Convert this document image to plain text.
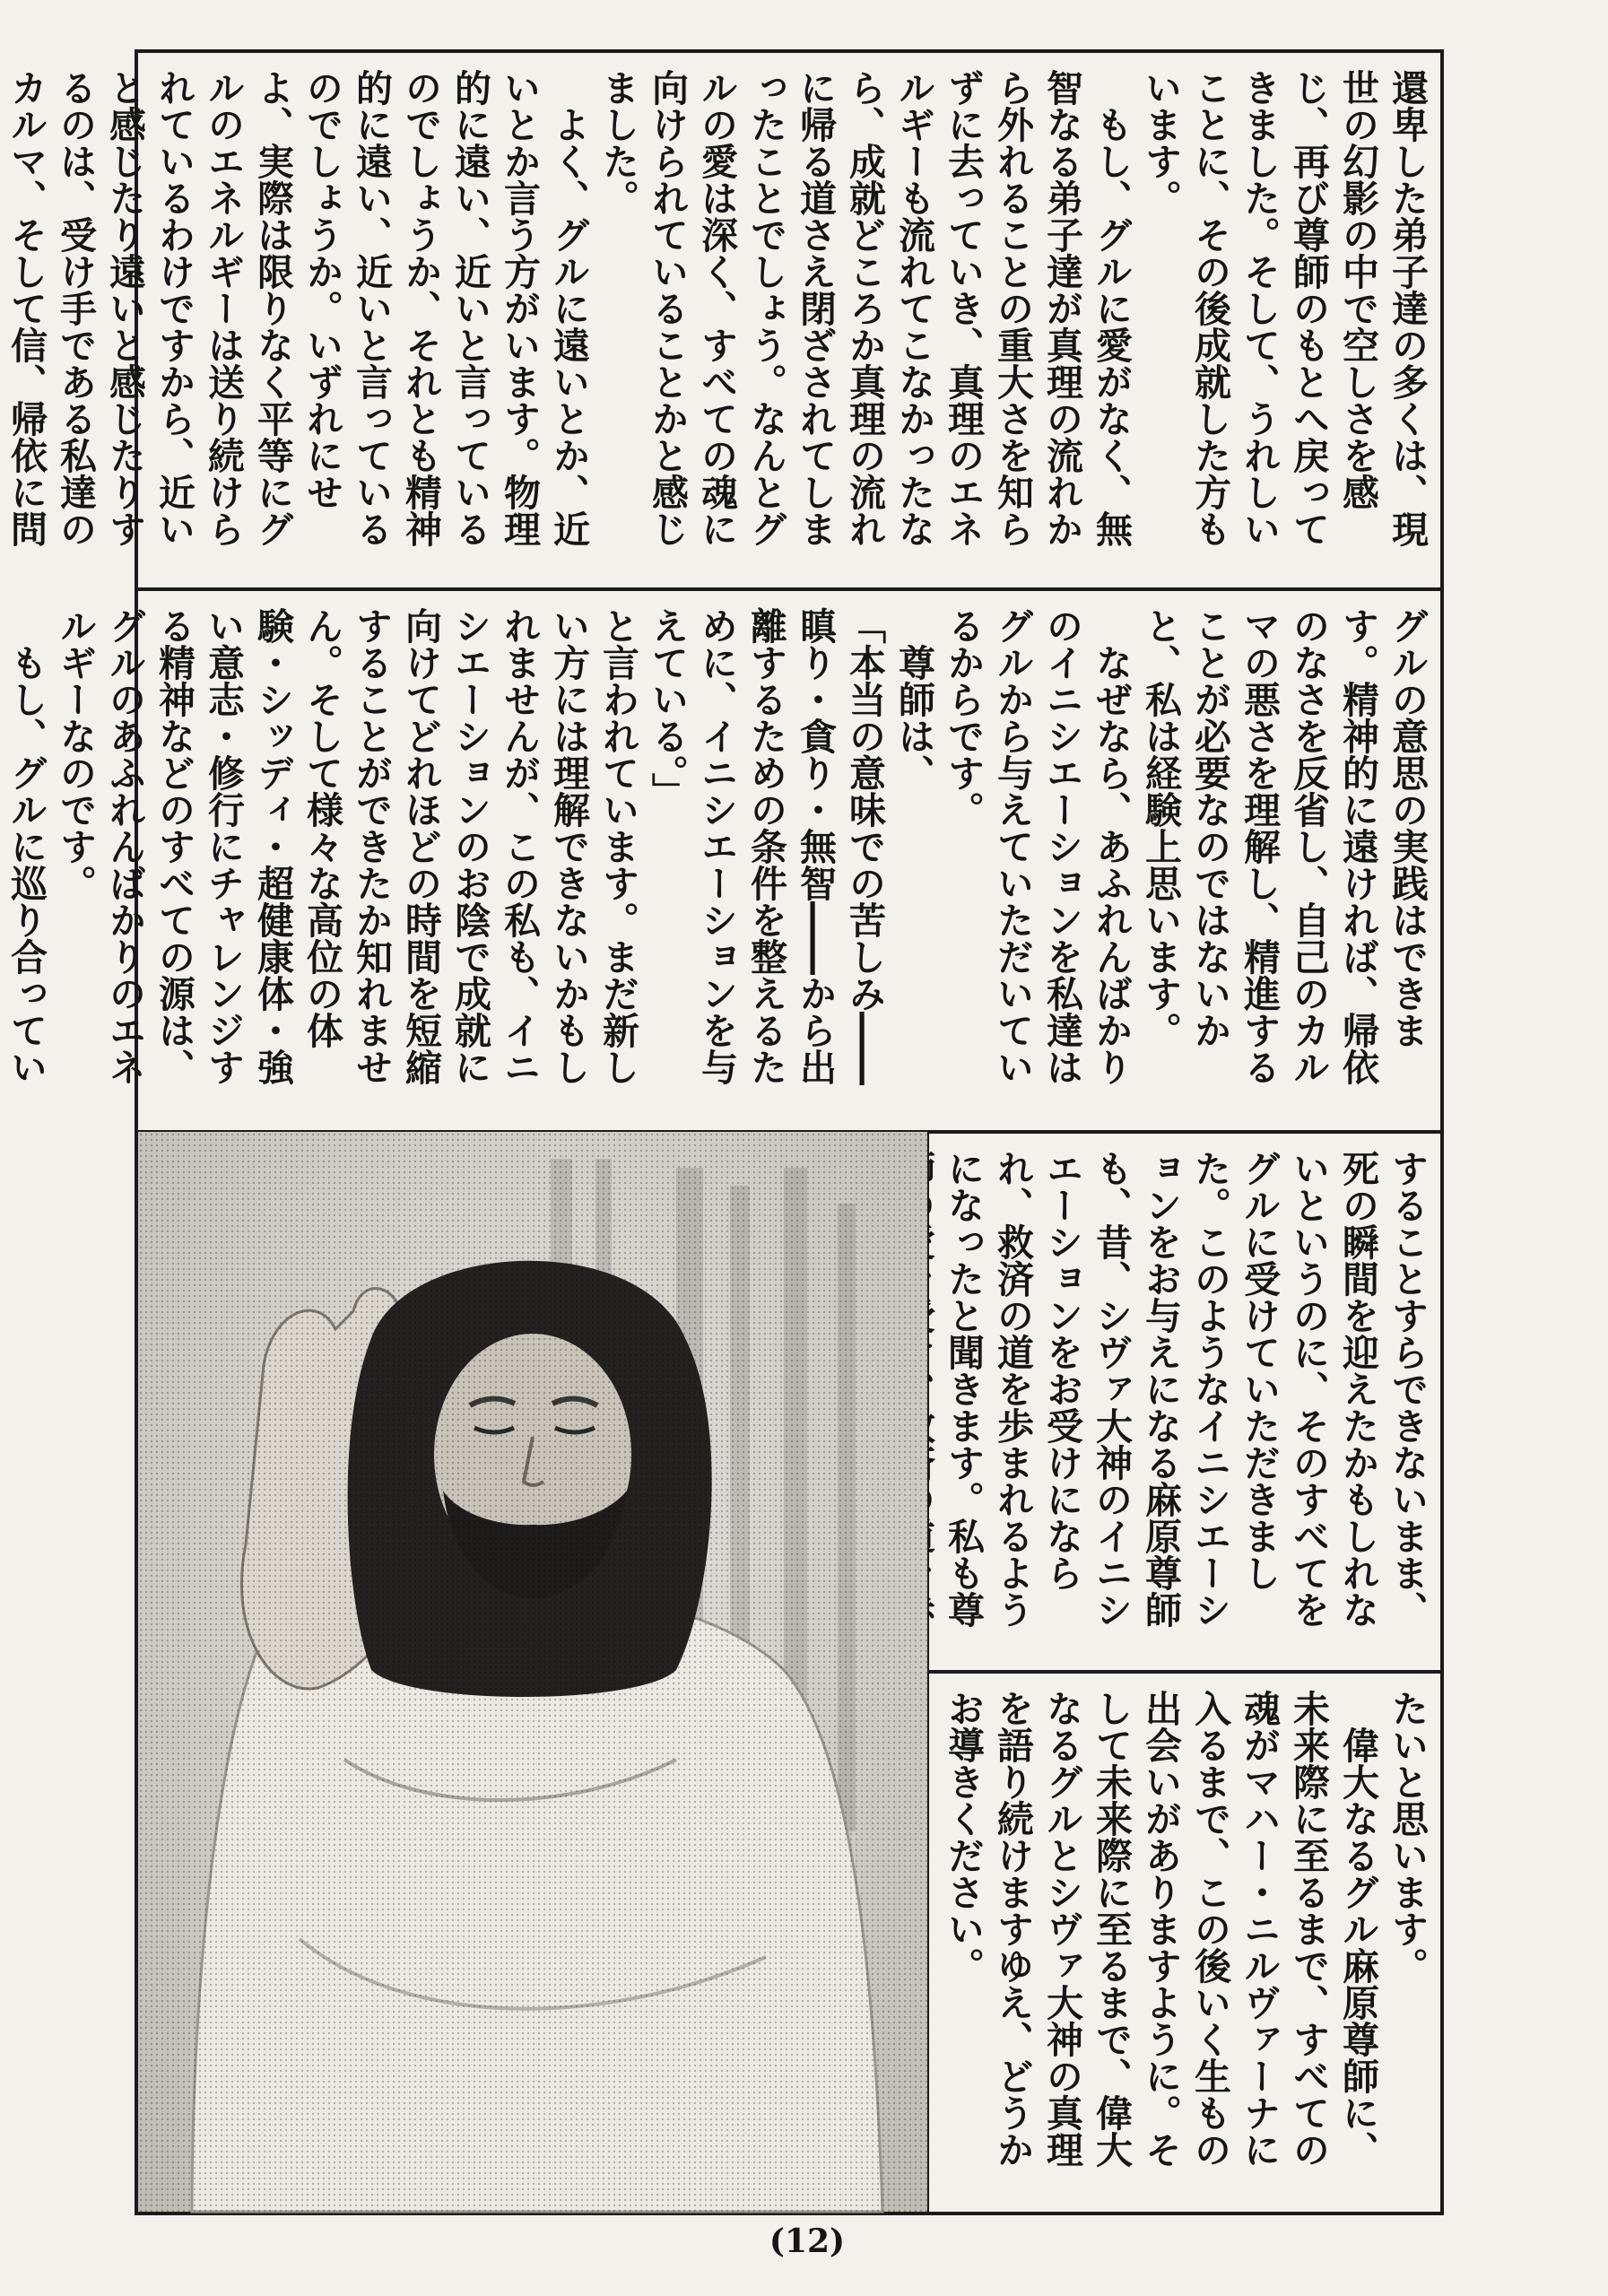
還卑した弟子達の多くは、現世の幻影の中で空しさを感じ、再び尊師のもとへ戻ってきました。そして、うれしいことに、その後成就した方もいます。

もし、グルに愛がなく、無智なる弟子達が真理の流れから外れることの重大さを知らずに去っていき、真理のエネルギーも流れてこなかったなら、成就どころか真理の流れに帰る道さえ閉ざされてしまったことでしょう。なんとグルの愛は深く、すべての魂に向けられていることかと感じました。

よく、グルに遠いとか、近いとか言う方がいます。物理的に遠い、近いと言っているのでしょうか、それとも精神的に遠い、近いと言っているのでしょうか。いずれにせよ、実際は限りなく平等にグルのエネルギーは送り続けられているわけですから、近いと感じたり遠いと感じたりするのは、受け手である私達のカルマ、そして信、帰依に問

グルの意思の実践はできます。精神的に遠ければ、帰依のなさを反省し、自己のカルマの悪さを理解し、精進することが必要なのではないかと、私は経験上思います。

なぜなら、あふれんばかりのイニシエーションを私達はグルから与えていただいているからです。

尊師は、

「本当の意味での苦しみ――瞋り・貪り・無智――から出離するための条件を整えるために、イニシエーションを与えている。」

と言われています。まだ新しい方には理解できないかもしれませんが、この私も、イニシエーションのお陰で成就に向けてどれほどの時間を短縮することができたか知れません。そして様々な高位の体験・シッディ・超健康体・強い意志・修行にチャレンジする精神などのすべての源は、グルのあふれんばかりのエネルギーなのです。

もし、グルに巡り合ってい

することすらできないまま、死の瞬間を迎えたかもしれないというのに、そのすべてをグルに受けていただきました。このようなイニシエーションをお与えになる麻原尊師も、昔、シヴァ大神のイニシエーションをお受けになられ、救済の道を歩まれるようになったと聞きます。私も尊

たいと思います。

偉大なるグル麻原尊師に、未来際に至るまで、すべての魂がマハー・ニルヴァーナに入るまで、この後いく生もの出会いがありますように。そして未来際に至るまで、偉大なるグルとシヴァ大神の真理を語り続けますゆえ、どうかお導きください。

(12)
